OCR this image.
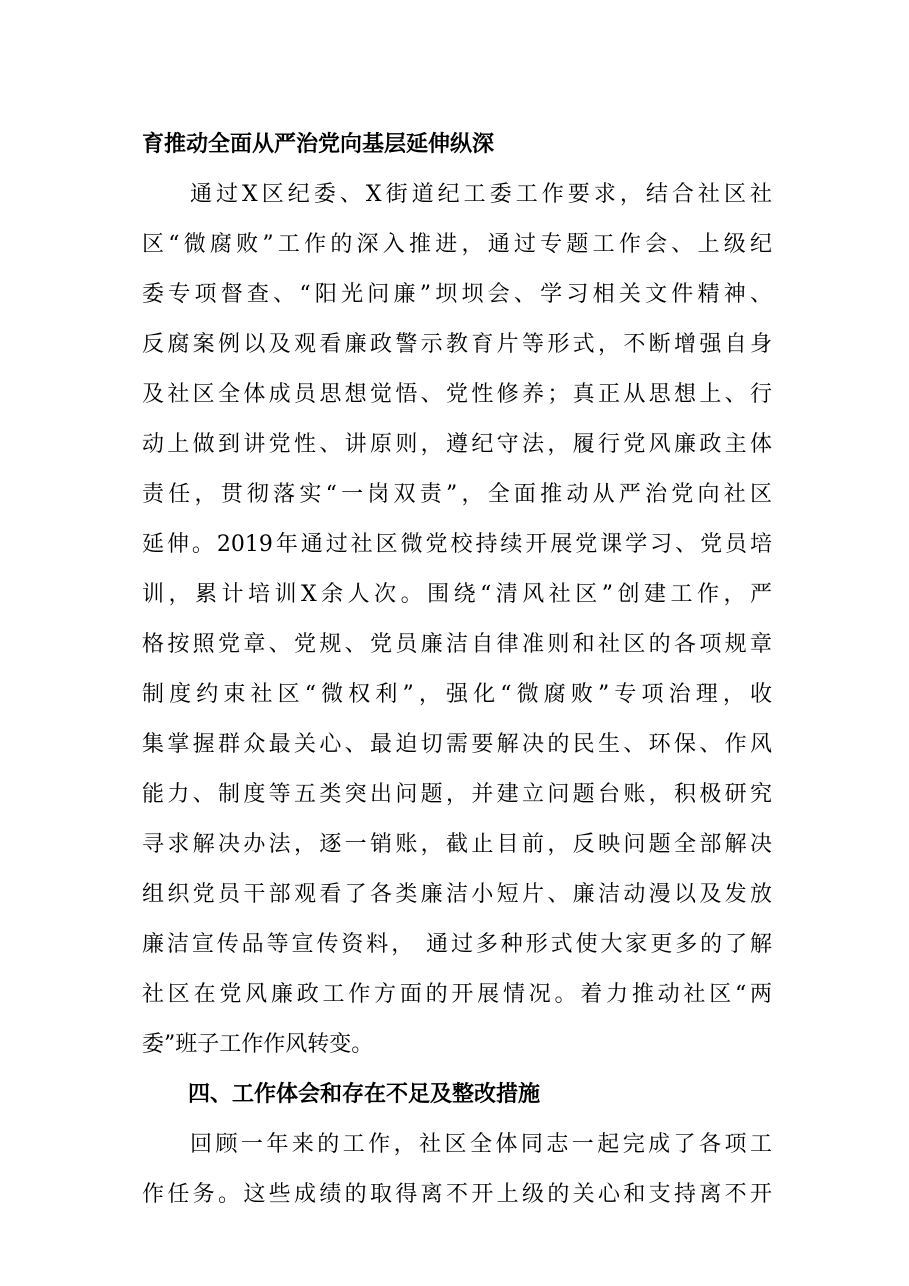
育推动全面从严治党向基层延伸纵深
通过X区纪委、X街道纪工委工作要求，结合社区社
区“微腐败”工作的深入推进，通过专题工作会、上级纪
委专项督查、“阳光问廉”坝坝会、学习相关文件精神、
反腐案例以及观看廉政警示教育片等形式，不断增强自身
及社区全体成员思想觉悟、党性修养；真正从思想上、行
动上做到讲党性、讲原则，遵纪守法，履行党风廉政主体
责任，贯彻落实“一岗双责”，全面推动从严治党向社区
延伸。2019年通过社区微党校持续开展党课学习、党员培
训，累计培训X余人次。围绕“清风社区”创建工作，严
格按照党章、党规、党员廉洁自律准则和社区的各项规章
制度约束社区“微权利”，强化“微腐败”专项治理，收
集掌握群众最关心、最迫切需要解决的民生、环保、作风
能力、制度等五类突出问题，并建立问题台账，积极研究
寻求解决办法，逐一销账，截止目前，反映问题全部解决
组织党员干部观看了各类廉洁小短片、廉洁动漫以及发放
廉洁宣传品等宣传资料， 通过多种形式使大家更多的了解
社区在党风廉政工作方面的开展情况。着力推动社区“两
委”班子工作作风转变。
四、工作体会和存在不足及整改措施
回顾一年来的工作，社区全体同志一起完成了各项工
作任务。这些成绩的取得离不开上级的关心和支持离不开
